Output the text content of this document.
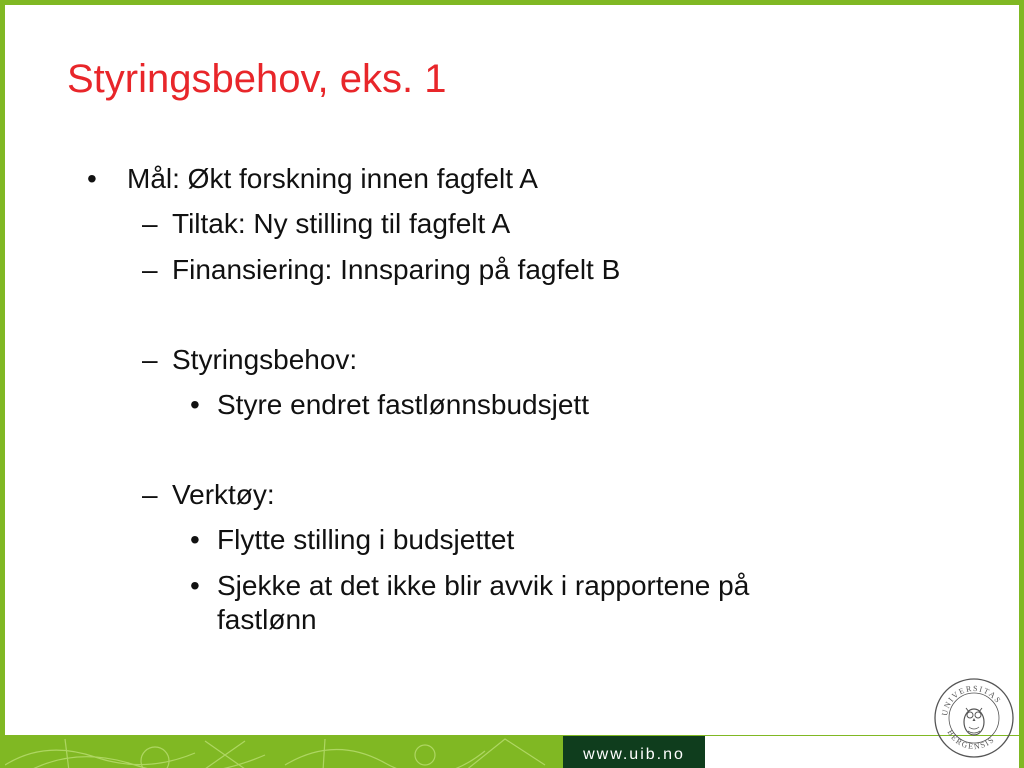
Styringsbehov, eks. 1
• Mål: Økt forskning innen fagfelt A
– Tiltak: Ny stilling til fagfelt A
– Finansiering: Innsparing på fagfelt B
– Styringsbehov:
• Styre endret fastlønnsbudsjett
– Verktøy:
• Flytte stilling i budsjettet
• Sjekke at det ikke blir avvik i rapportene på
fastlønn
www.uib.no
UNIVERSITAS
BERGENSIS
